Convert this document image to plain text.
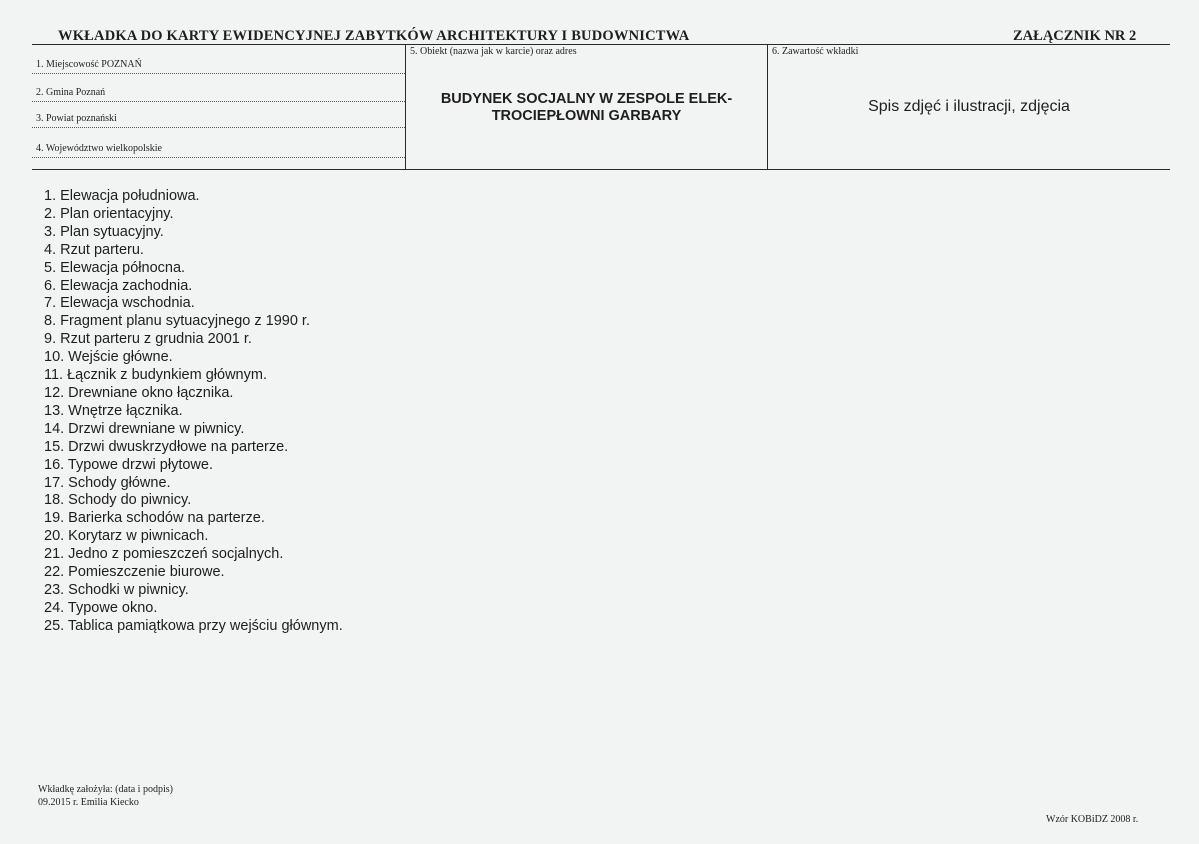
WKŁADKA DO KARTY EWIDENCYJNEJ ZABYTKÓW ARCHITEKTURY I BUDOWNICTWA	ZAŁĄCZNIK NR 2
1. Miejscowość POZNAŃ
2. Gmina Poznań
3. Powiat poznański
4. Województwo wielkopolskie
5. Obiekt (nazwa jak w karcie) oraz adres
BUDYNEK SOCJALNY W ZESPOLE ELEK-
TROCIEPŁOWNI GARBARY
6. Zawartość wkładki
Spis zdjęć i ilustracji, zdjęcia
1. Elewacja południowa.
2. Plan orientacyjny.
3. Plan sytuacyjny.
4. Rzut parteru.
5. Elewacja północna.
6. Elewacja zachodnia.
7. Elewacja wschodnia.
8. Fragment planu sytuacyjnego z 1990 r.
9. Rzut parteru z grudnia 2001 r.
10. Wejście główne.
11. Łącznik z budynkiem głównym.
12. Drewniane okno łącznika.
13. Wnętrze łącznika.
14. Drzwi drewniane w piwnicy.
15. Drzwi dwuskrzydłowe na parterze.
16. Typowe drzwi płytowe.
17. Schody główne.
18. Schody do piwnicy.
19. Barierka schodów na parterze.
20. Korytarz w piwnicach.
21. Jedno z pomieszczeń socjalnych.
22. Pomieszczenie biurowe.
23. Schodki w piwnicy.
24. Typowe okno.
25. Tablica pamiątkowa przy wejściu głównym.
Wkładkę założyła: (data i podpis)
09.2015 r. Emilia Kiecko
Wzór KOBiDZ 2008 r.
